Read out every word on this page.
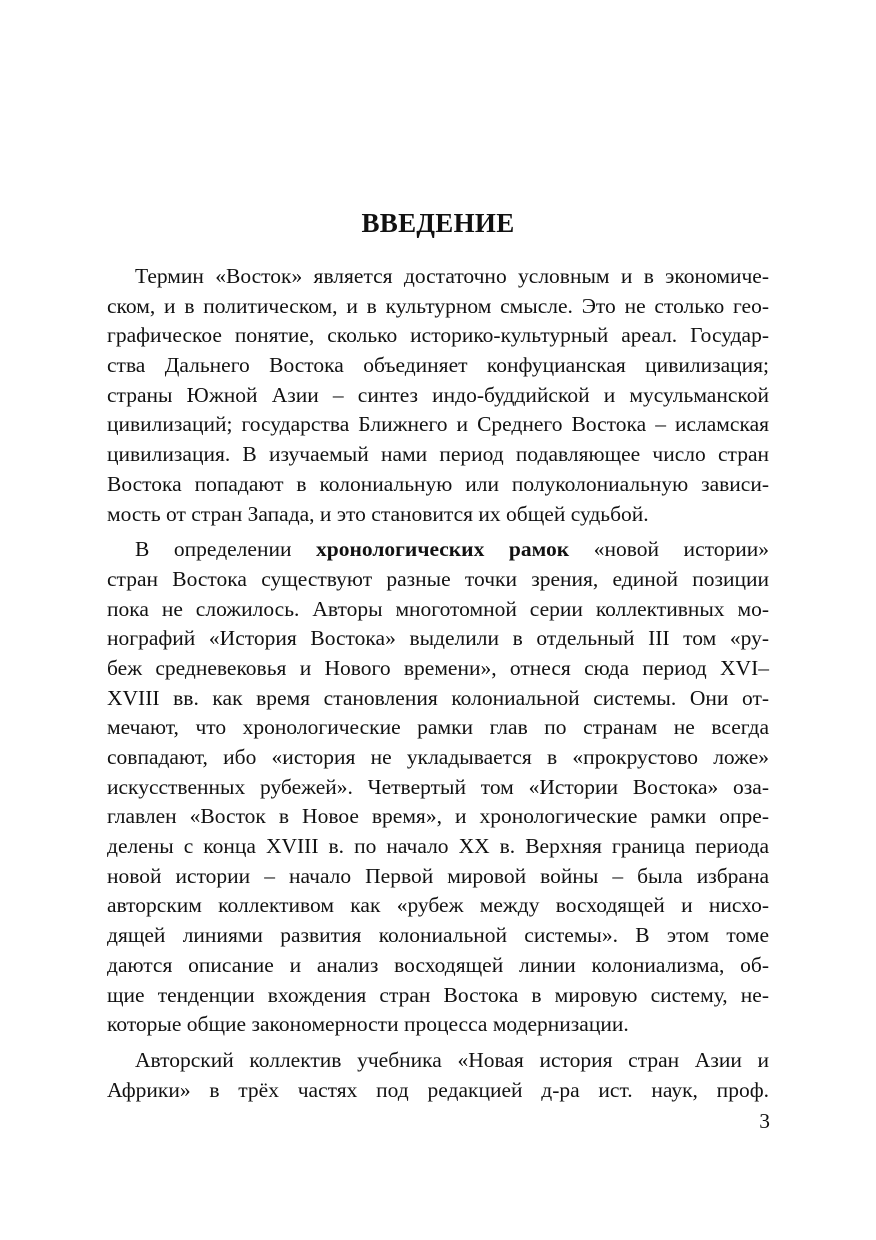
ВВЕДЕНИЕ
Термин «Восток» является достаточно условным и в экономиче-
ском, и в политическом, и в культурном смысле. Это не столько гео-
графическое понятие, сколько историко-культурный ареал. Государ-
ства Дальнего Востока объединяет конфуцианская цивилизация;
страны Южной Азии – синтез индо-буддийской и мусульманской
цивилизаций; государства Ближнего и Среднего Востока – исламская
цивилизация. В изучаемый нами период подавляющее число стран
Востока попадают в колониальную или полуколониальную зависи-
мость от стран Запада, и это становится их общей судьбой.
В определении хронологических рамок «новой истории»
стран Востока существуют разные точки зрения, единой позиции
пока не сложилось. Авторы многотомной серии коллективных мо-
нографий «История Востока» выделили в отдельный III том «ру-
беж средневековья и Нового времени», отнеся сюда период XVI–
XVIII вв. как время становления колониальной системы. Они от-
мечают, что хронологические рамки глав по странам не всегда
совпадают, ибо «история не укладывается в «прокрустово ложе»
искусственных рубежей». Четвертый том «Истории Востока» оза-
главлен «Восток в Новое время», и хронологические рамки опре-
делены с конца XVIII в. по начало XX в. Верхняя граница периода
новой истории – начало Первой мировой войны – была избрана
авторским коллективом как «рубеж между восходящей и нисхо-
дящей линиями развития колониальной системы». В этом томе
даются описание и анализ восходящей линии колониализма, об-
щие тенденции вхождения стран Востока в мировую систему, не-
которые общие закономерности процесса модернизации.
Авторский коллектив учебника «Новая история стран Азии и
Африки» в трёх частях под редакцией д-ра ист. наук, проф.
3
